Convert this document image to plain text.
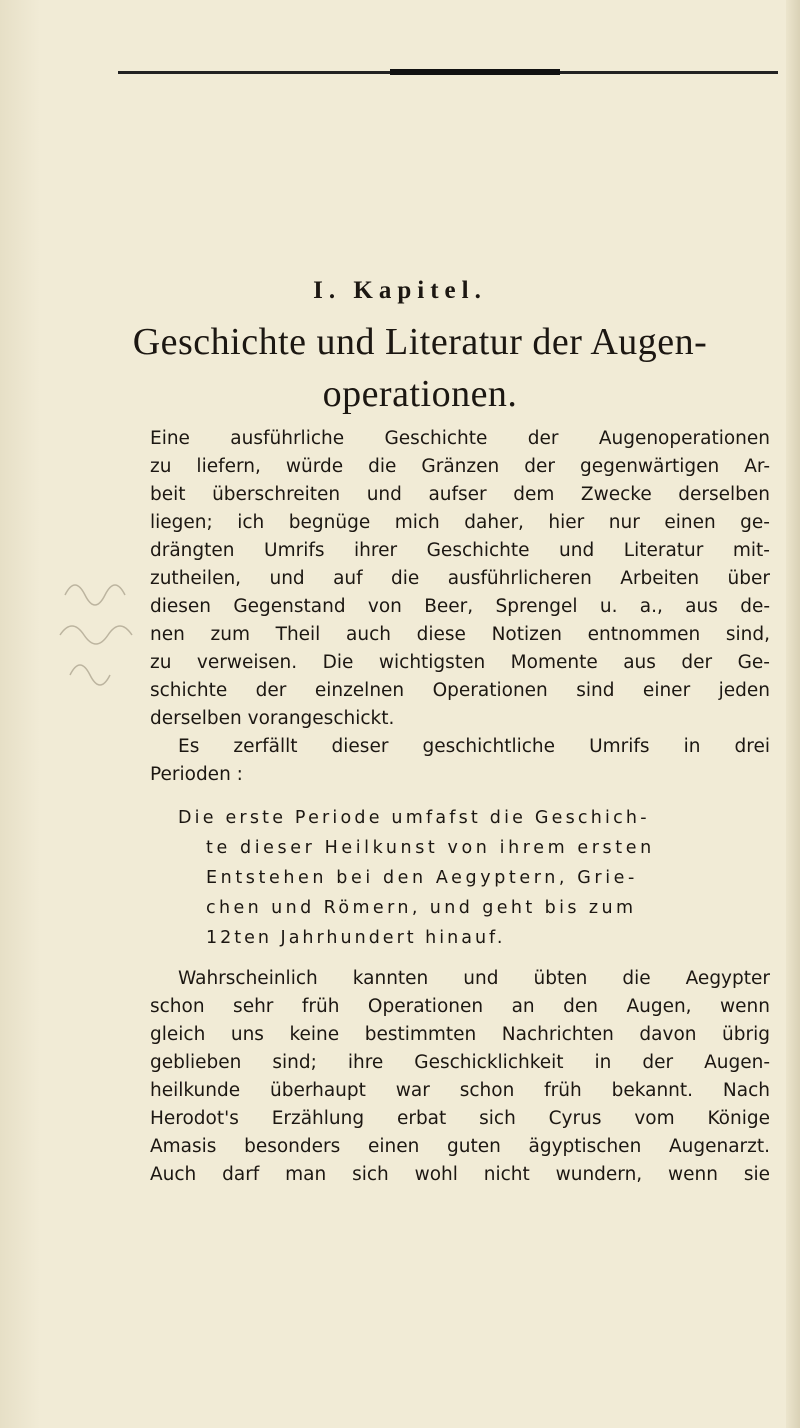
I. Kapitel.
Geschichte und Literatur der Augen-
operationen.
Eine ausführliche Geschichte der Augenoperationen
zu liefern, würde die Gränzen der gegenwärtigen Ar-
beit überschreiten und aufser dem Zwecke derselben
liegen; ich begnüge mich daher, hier nur einen ge-
drängten Umrifs ihrer Geschichte und Literatur mit-
zutheilen, und auf die ausführlicheren Arbeiten über
diesen Gegenstand von Beer, Sprengel u. a., aus de-
nen zum Theil auch diese Notizen entnommen sind,
zu verweisen. Die wichtigsten Momente aus der Ge-
schichte der einzelnen Operationen sind einer jeden
derselben vorangeschickt.
Es zerfällt dieser geschichtliche Umrifs in drei
Perioden :
Die erste Periode umfafst die Geschich-
te dieser Heilkunst von ihrem ersten
Entstehen bei den Aegyptern, Grie-
chen und Römern, und geht bis zum
12ten Jahrhundert hinauf.
Wahrscheinlich kannten und übten die Aegypter
schon sehr früh Operationen an den Augen, wenn
gleich uns keine bestimmten Nachrichten davon übrig
geblieben sind; ihre Geschicklichkeit in der Augen-
heilkunde überhaupt war schon früh bekannt. Nach
Herodot's Erzählung erbat sich Cyrus vom Könige
Amasis besonders einen guten ägyptischen Augenarzt.
Auch darf man sich wohl nicht wundern, wenn sie
